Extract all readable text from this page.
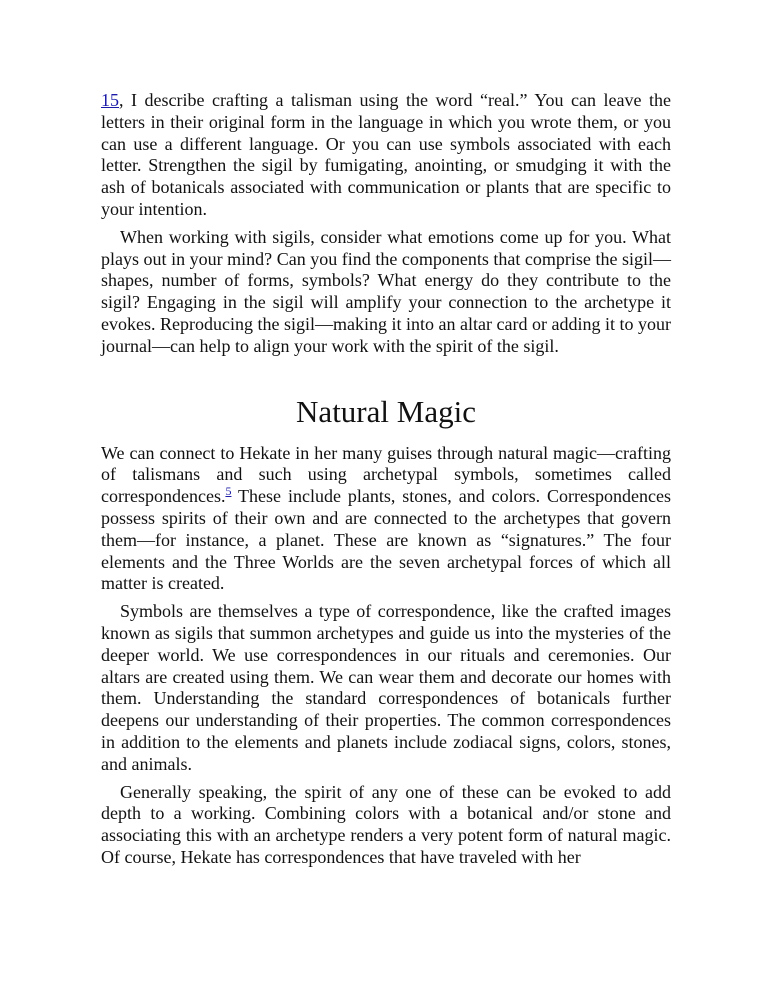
15, I describe crafting a talisman using the word “real.” You can leave the letters in their original form in the language in which you wrote them, or you can use a different language. Or you can use symbols associated with each letter. Strengthen the sigil by fumigating, anointing, or smudging it with the ash of botanicals associated with communication or plants that are specific to your intention.

When working with sigils, consider what emotions come up for you. What plays out in your mind? Can you find the components that comprise the sigil—shapes, number of forms, symbols? What energy do they contribute to the sigil? Engaging in the sigil will amplify your connection to the archetype it evokes. Reproducing the sigil—making it into an altar card or adding it to your journal—can help to align your work with the spirit of the sigil.

Natural Magic

We can connect to Hekate in her many guises through natural magic—crafting of talismans and such using archetypal symbols, sometimes called correspondences.$^5$ These include plants, stones, and colors. Correspondences possess spirits of their own and are connected to the archetypes that govern them—for instance, a planet. These are known as “signatures.” The four elements and the Three Worlds are the seven archetypal forces of which all matter is created.

Symbols are themselves a type of correspondence, like the crafted images known as sigils that summon archetypes and guide us into the mysteries of the deeper world. We use correspondences in our rituals and ceremonies. Our altars are created using them. We can wear them and decorate our homes with them. Understanding the standard correspondences of botanicals further deepens our understanding of their properties. The common correspondences in addition to the elements and planets include zodiacal signs, colors, stones, and animals.

Generally speaking, the spirit of any one of these can be evoked to add depth to a working. Combining colors with a botanical and/or stone and associating this with an archetype renders a very potent form of natural magic. Of course, Hekate has correspondences that have traveled with her
